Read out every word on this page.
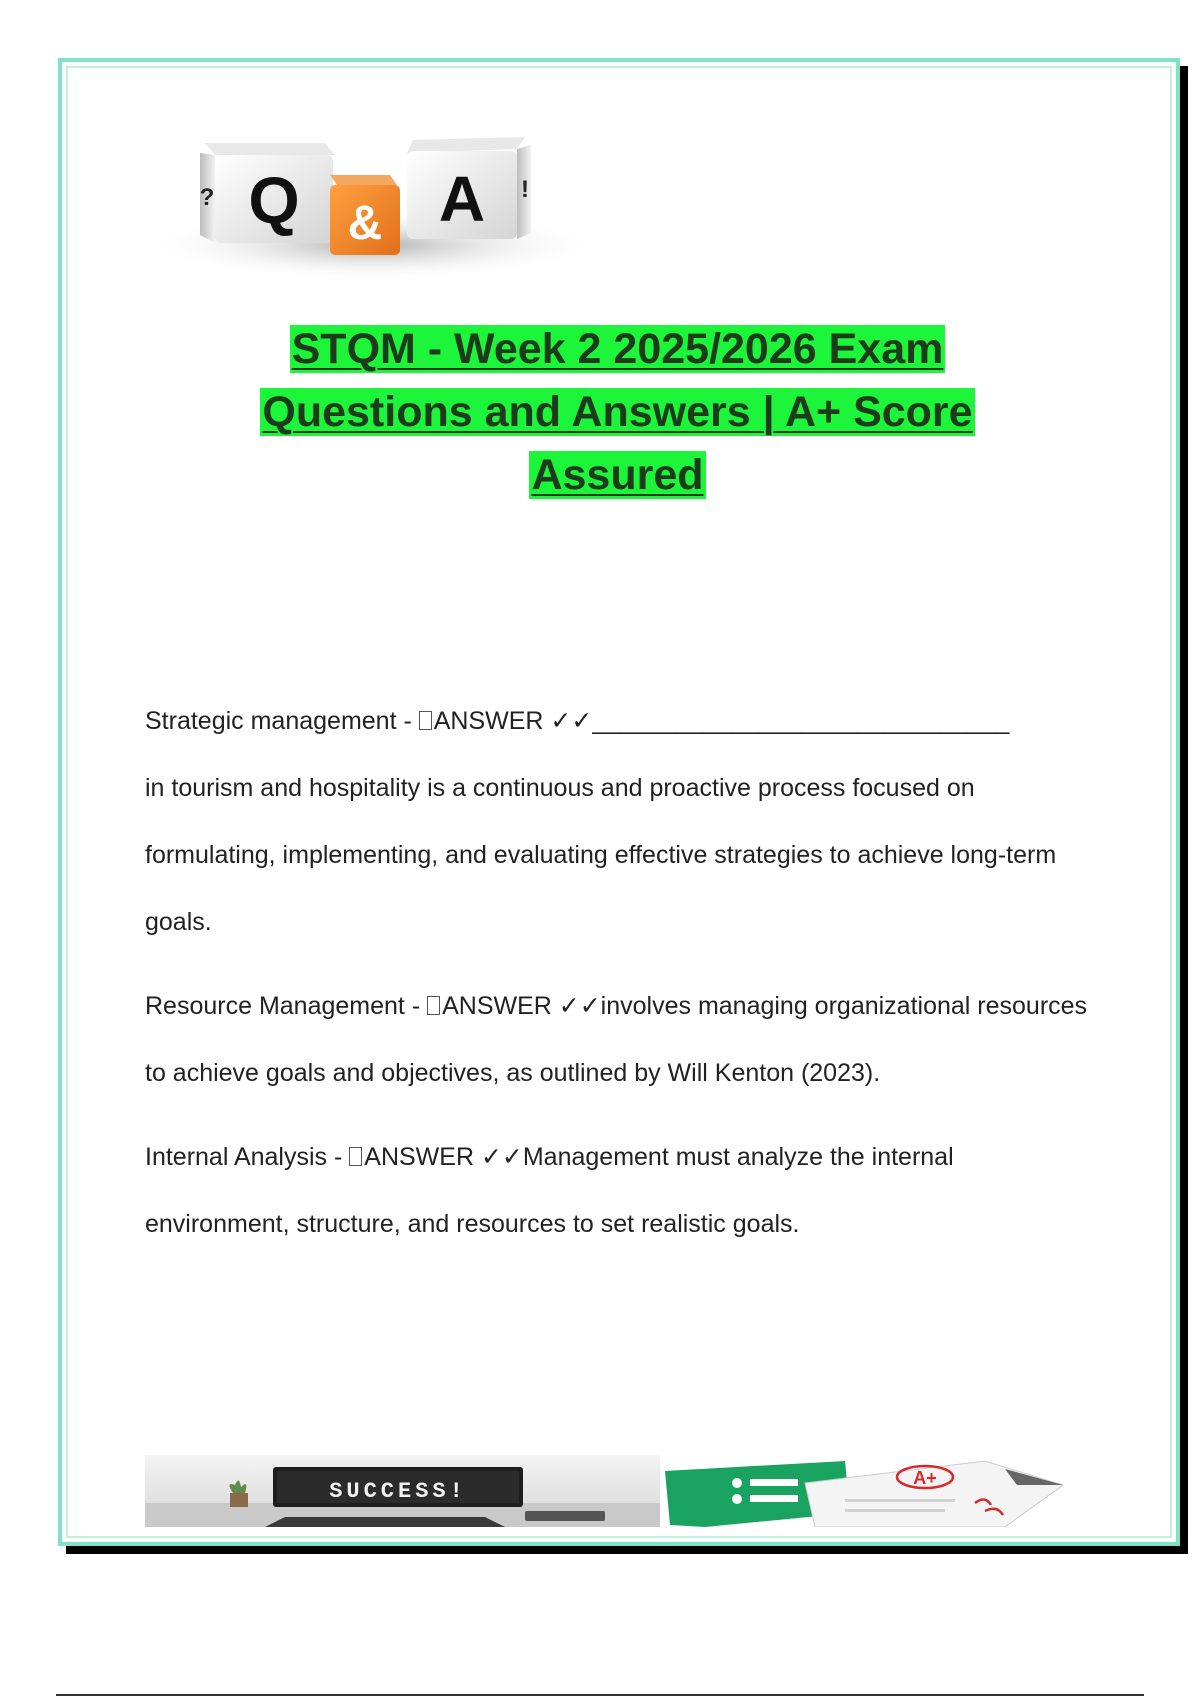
Q
?	& A !
STQM - Week 2 2025/2026 Exam
Questions and Answers | A+ Score
Assured
Strategic management - ANSWER ✓✓______________________________
in tourism and hospitality is a continuous and proactive process focused on formulating, implementing, and evaluating effective strategies to achieve long-term goals.
Resource Management - ANSWER ✓✓involves managing organizational resources to achieve goals and objectives, as outlined by Will Kenton (2023).
Internal Analysis - ANSWER ✓✓Management must analyze the internal environment, structure, and resources to set realistic goals.
SUCCESS!
A+
